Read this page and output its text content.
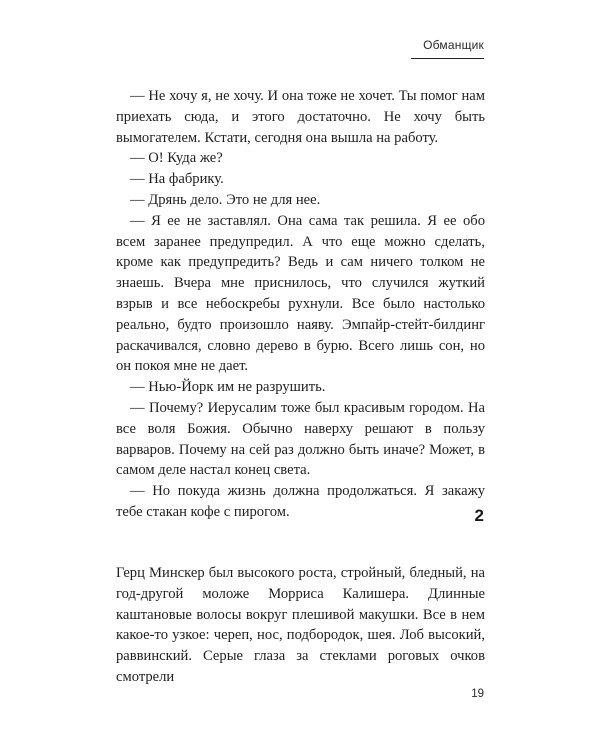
Обманщик

— Не хочу я, не хочу. И она тоже не хочет. Ты помог нам приехать сюда, и этого достаточно. Не хочу быть вымогателем. Кстати, сегодня она вышла на работу.

— О! Куда же?

— На фабрику.

— Дрянь дело. Это не для нее.

— Я ее не заставлял. Она сама так решила. Я ее обо всем заранее предупредил. А что еще можно сделать, кроме как предупредить? Ведь и сам ничего толком не знаешь. Вчера мне приснилось, что случился жуткий взрыв и все небоскребы рухнули. Все было настолько реально, будто произошло наяву. Эмпайр-стейт-билдинг раскачивался, словно дерево в бурю. Всего лишь сон, но он покоя мне не дает.

— Нью-Йорк им не разрушить.

— Почему? Иерусалим тоже был красивым городом. На все воля Божия. Обычно наверху решают в пользу варваров. Почему на сей раз должно быть иначе? Может, в самом деле настал конец света.

— Но покуда жизнь должна продолжаться. Я закажу тебе стакан кофе с пирогом.	2

Герц Минскер был высокого роста, стройный, бледный, на год-другой моложе Морриса Калишера. Длинные каштановые волосы вокруг плешивой макушки. Все в нем какое-то узкое: череп, нос, подбородок, шея. Лоб высокий, раввинский. Серые глаза за стеклами роговых очков смотрели

19
